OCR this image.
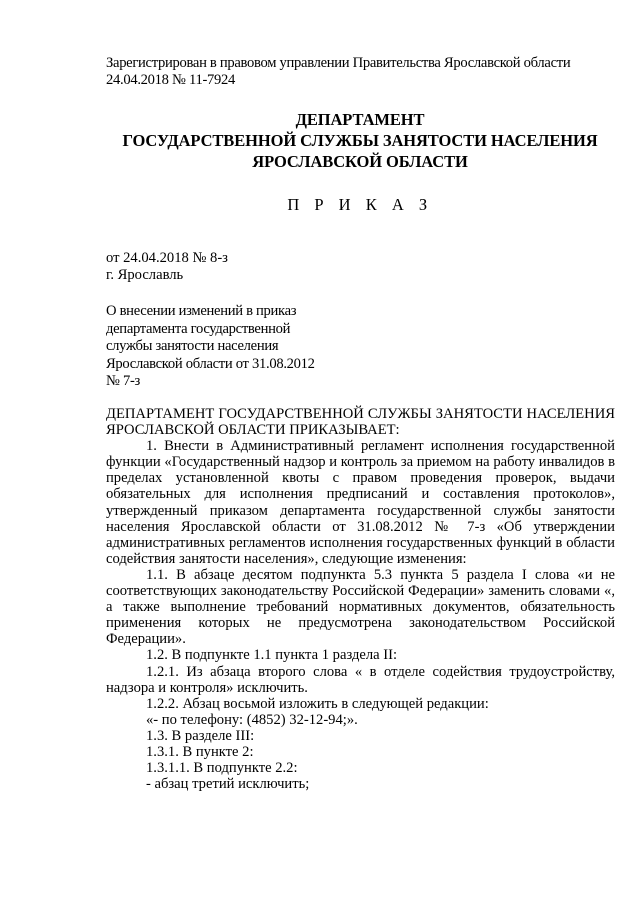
Зарегистрирован в правовом управлении Правительства Ярославской области
24.04.2018 № 11-7924
ДЕПАРТАМЕНТ
ГОСУДАРСТВЕННОЙ СЛУЖБЫ ЗАНЯТОСТИ НАСЕЛЕНИЯ
ЯРОСЛАВСКОЙ ОБЛАСТИ
П Р И К А З
от 24.04.2018 № 8-з
г. Ярославль
О внесении изменений в приказ
департамента государственной
службы занятости населения
Ярославской области от 31.08.2012
№ 7-з

ДЕПАРТАМЕНТ ГОСУДАРСТВЕННОЙ СЛУЖБЫ ЗАНЯТОСТИ НАСЕЛЕНИЯ ЯРОСЛАВСКОЙ ОБЛАСТИ ПРИКАЗЫВАЕТ:

1. Внести в Административный регламент исполнения государственной функции «Государственный надзор и контроль за приемом на работу инвалидов в пределах установленной квоты с правом проведения проверок, выдачи обязательных для исполнения предписаний и составления протоколов», утвержденный приказом департамента государственной службы занятости населения Ярославской области от 31.08.2012 № 7-з «Об утверждении административных регламентов исполнения государственных функций в области содействия занятости населения», следующие изменения:

1.1. В абзаце десятом подпункта 5.3 пункта 5 раздела I слова «и не соответствующих законодательству Российской Федерации» заменить словами «, а также выполнение требований нормативных документов, обязательность применения которых не предусмотрена законодательством Российской Федерации».

1.2. В подпункте 1.1 пункта 1 раздела II:

1.2.1. Из абзаца второго слова « в отделе содействия трудоустройству, надзора и контроля» исключить.

1.2.2. Абзац восьмой изложить в следующей редакции:

«- по телефону: (4852) 32-12-94;».

1.3. В разделе III:

1.3.1. В пункте 2:

1.3.1.1. В подпункте 2.2:

- абзац третий исключить;
